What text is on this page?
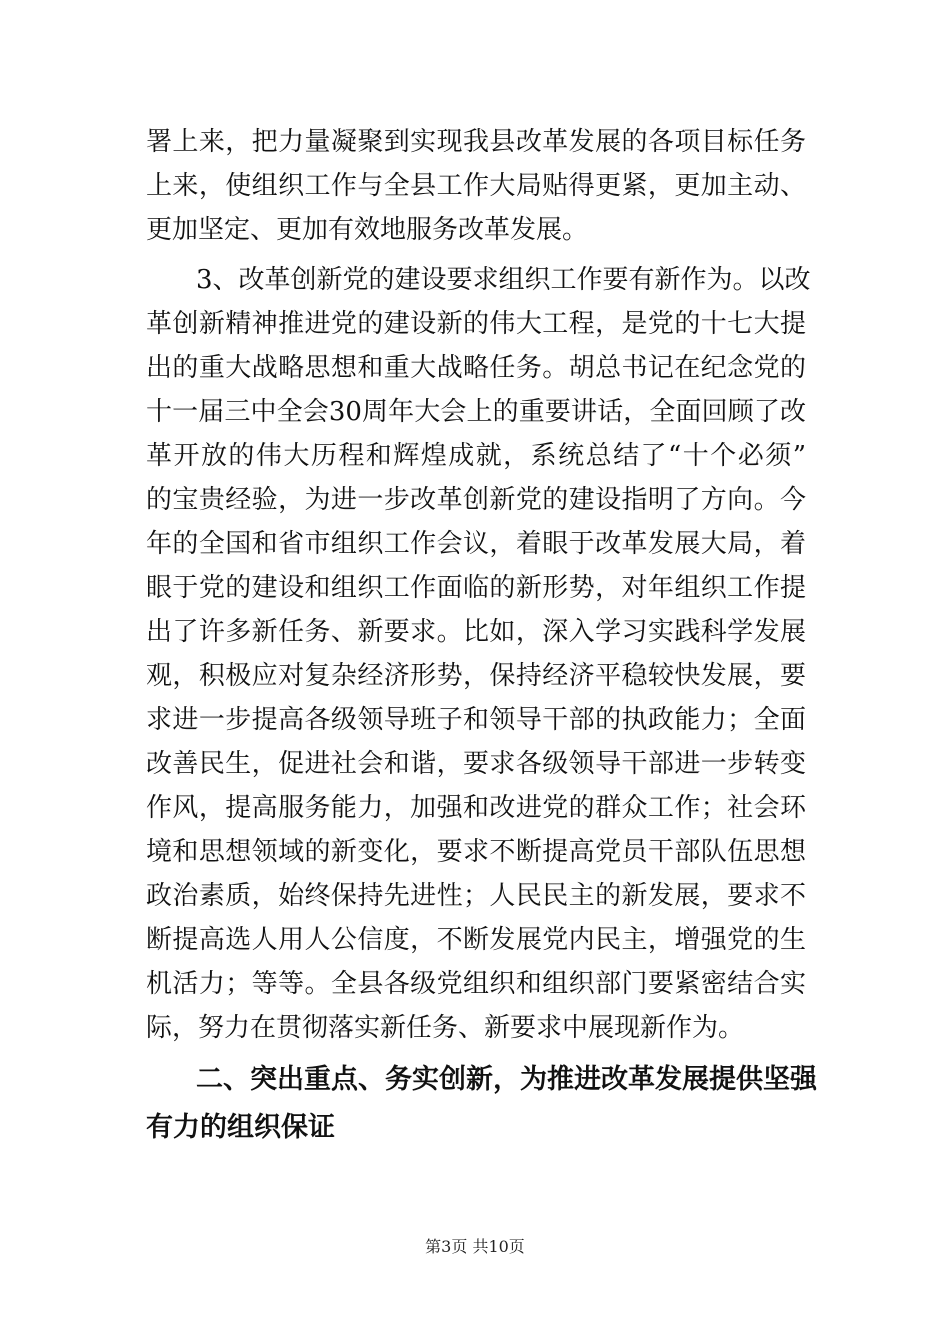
署上来，把力量凝聚到实现我县改革发展的各项目标任务
上来，使组织工作与全县工作大局贴得更紧，更加主动、
更加坚定、更加有效地服务改革发展。
3、改革创新党的建设要求组织工作要有新作为。以改
革创新精神推进党的建设新的伟大工程，是党的十七大提
出的重大战略思想和重大战略任务。胡总书记在纪念党的
十一届三中全会30周年大会上的重要讲话，全面回顾了改
革开放的伟大历程和辉煌成就，系统总结了“十个必须”
的宝贵经验，为进一步改革创新党的建设指明了方向。今
年的全国和省市组织工作会议，着眼于改革发展大局，着
眼于党的建设和组织工作面临的新形势，对年组织工作提
出了许多新任务、新要求。比如，深入学习实践科学发展
观，积极应对复杂经济形势，保持经济平稳较快发展，要
求进一步提高各级领导班子和领导干部的执政能力；全面
改善民生，促进社会和谐，要求各级领导干部进一步转变
作风，提高服务能力，加强和改进党的群众工作；社会环
境和思想领域的新变化，要求不断提高党员干部队伍思想
政治素质，始终保持先进性；人民民主的新发展，要求不
断提高选人用人公信度，不断发展党内民主，增强党的生
机活力；等等。全县各级党组织和组织部门要紧密结合实
际，努力在贯彻落实新任务、新要求中展现新作为。
二、突出重点、务实创新，为推进改革发展提供坚强
有力的组织保证
第3页 共10页
